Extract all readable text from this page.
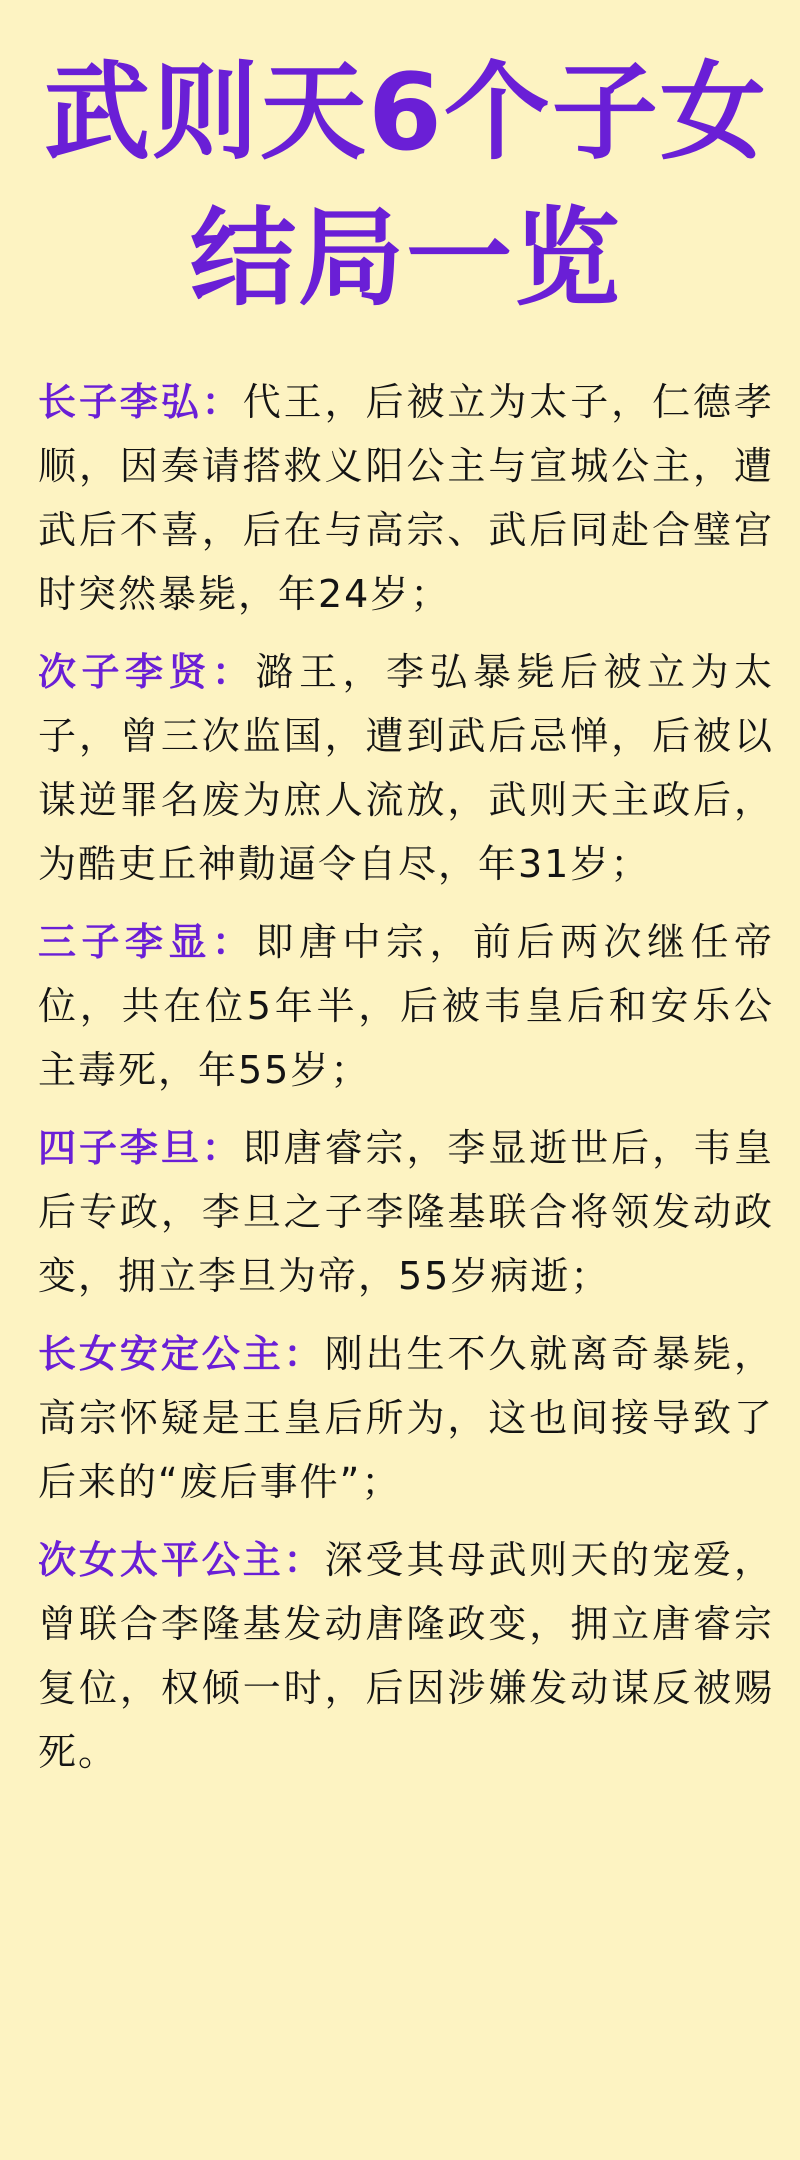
武则天6个子女
结局一览

长子李弘：代王，后被立为太子，仁德孝顺，因奏请搭救义阳公主与宣城公主，遭武后不喜，后在与高宗、武后同赴合璧宫时突然暴毙，年24岁；

次子李贤：潞王，李弘暴毙后被立为太子，曾三次监国，遭到武后忌惮，后被以谋逆罪名废为庶人流放，武则天主政后，为酷吏丘神勣逼令自尽，年31岁；

三子李显：即唐中宗，前后两次继任帝位，共在位5年半，后被韦皇后和安乐公主毒死，年55岁；

四子李旦：即唐睿宗，李显逝世后，韦皇后专政，李旦之子李隆基联合将领发动政变，拥立李旦为帝，55岁病逝；

长女安定公主：刚出生不久就离奇暴毙，高宗怀疑是王皇后所为，这也间接导致了后来的“废后事件”；

次女太平公主：深受其母武则天的宠爱，曾联合李隆基发动唐隆政变，拥立唐睿宗复位，权倾一时，后因涉嫌发动谋反被赐死。
